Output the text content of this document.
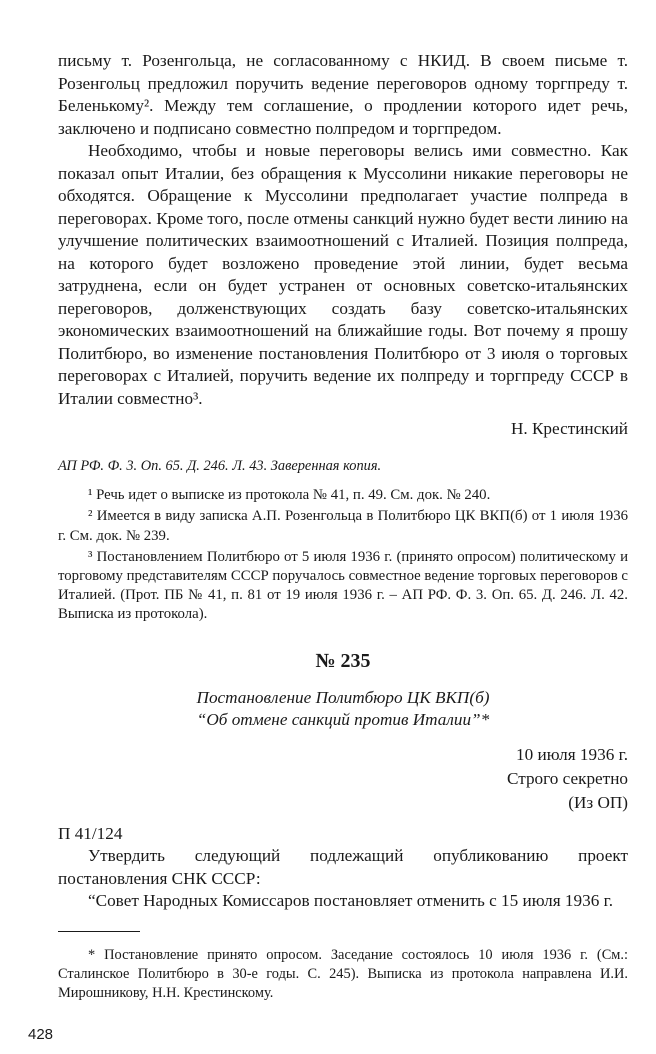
письму т. Розенгольца, не согласованному с НКИД. В своем письме т. Розенгольц предложил поручить ведение переговоров одному торгпреду т. Беленькому². Между тем соглашение, о продлении которого идет речь, заключено и подписано совместно полпредом и торгпредом.

Необходимо, чтобы и новые переговоры велись ими совместно. Как показал опыт Италии, без обращения к Муссолини никакие переговоры не обходятся. Обращение к Муссолини предполагает участие полпреда в переговорах. Кроме того, после отмены санкций нужно будет вести линию на улучшение политических взаимоотношений с Италией. Позиция полпреда, на которого будет возложено проведение этой линии, будет весьма затруднена, если он будет устранен от основных советско-итальянских переговоров, долженствующих создать базу советско-итальянских экономических взаимоотношений на ближайшие годы. Вот почему я прошу Политбюро, во изменение постановления Политбюро от 3 июля о торговых переговорах с Италией, поручить ведение их полпреду и торгпреду СССР в Италии совместно³.

Н. Крестинский

АП РФ. Ф. 3. Оп. 65. Д. 246. Л. 43. Заверенная копия.

¹ Речь идет о выписке из протокола № 41, п. 49. См. док. № 240.

² Имеется в виду записка А.П. Розенгольца в Политбюро ЦК ВКП(б) от 1 июля 1936 г. См. док. № 239.

³ Постановлением Политбюро от 5 июля 1936 г. (принято опросом) политическому и торговому представителям СССР поручалось совместное ведение торговых переговоров с Италией. (Прот. ПБ № 41, п. 81 от 19 июля 1936 г. – АП РФ. Ф. 3. Оп. 65. Д. 246. Л. 42. Выписка из протокола).

№ 235

Постановление Политбюро ЦК ВКП(б)
“Об отмене санкций против Италии”*

10 июля 1936 г.

Строго секретно

(Из ОП)

П 41/124

Утвердить следующий подлежащий опубликованию проект постановления СНК СССР:

“Совет Народных Комиссаров постановляет отменить с 15 июля 1936 г.

* Постановление принято опросом. Заседание состоялось 10 июля 1936 г. (См.: Сталинское Политбюро в 30-е годы. С. 245). Выписка из протокола направлена И.И. Мирошникову, Н.Н. Крестинскому.

428
